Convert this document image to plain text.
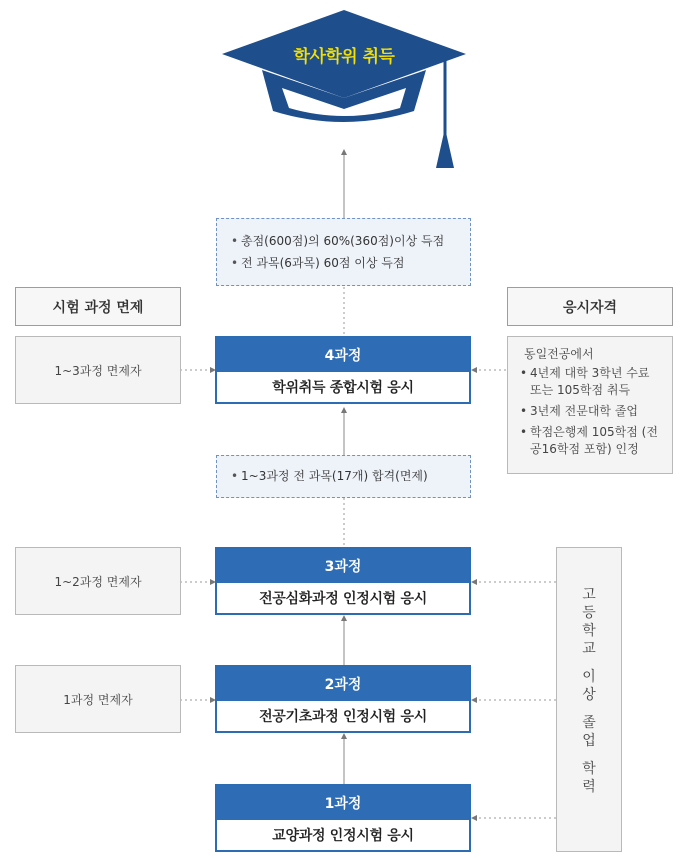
학사학위 취득
• 총점(600점)의 60%(360점)이상 득점
• 전 과목(6과목) 60점 이상 득점
시험 과정 면제	응시자격
1~3과정 면제자
1~2과정 면제자
1과정 면제자
4과정
학위취득 종합시험 응시
• 1~3과정 전 과목(17개) 합격(면제)
3과정
전공심화과정 인정시험 응시
2과정
전공기초과정 인정시험 응시
1과정
교양과정 인정시험 응시
동일전공에서
• 4년제 대학 3학년 수료 또는 105학점 취득
• 3년제 전문대학 졸업
• 학점은행제 105학점 (전공16학점 포함) 인정
고
등
학
교
이
상
졸
업
학
력
